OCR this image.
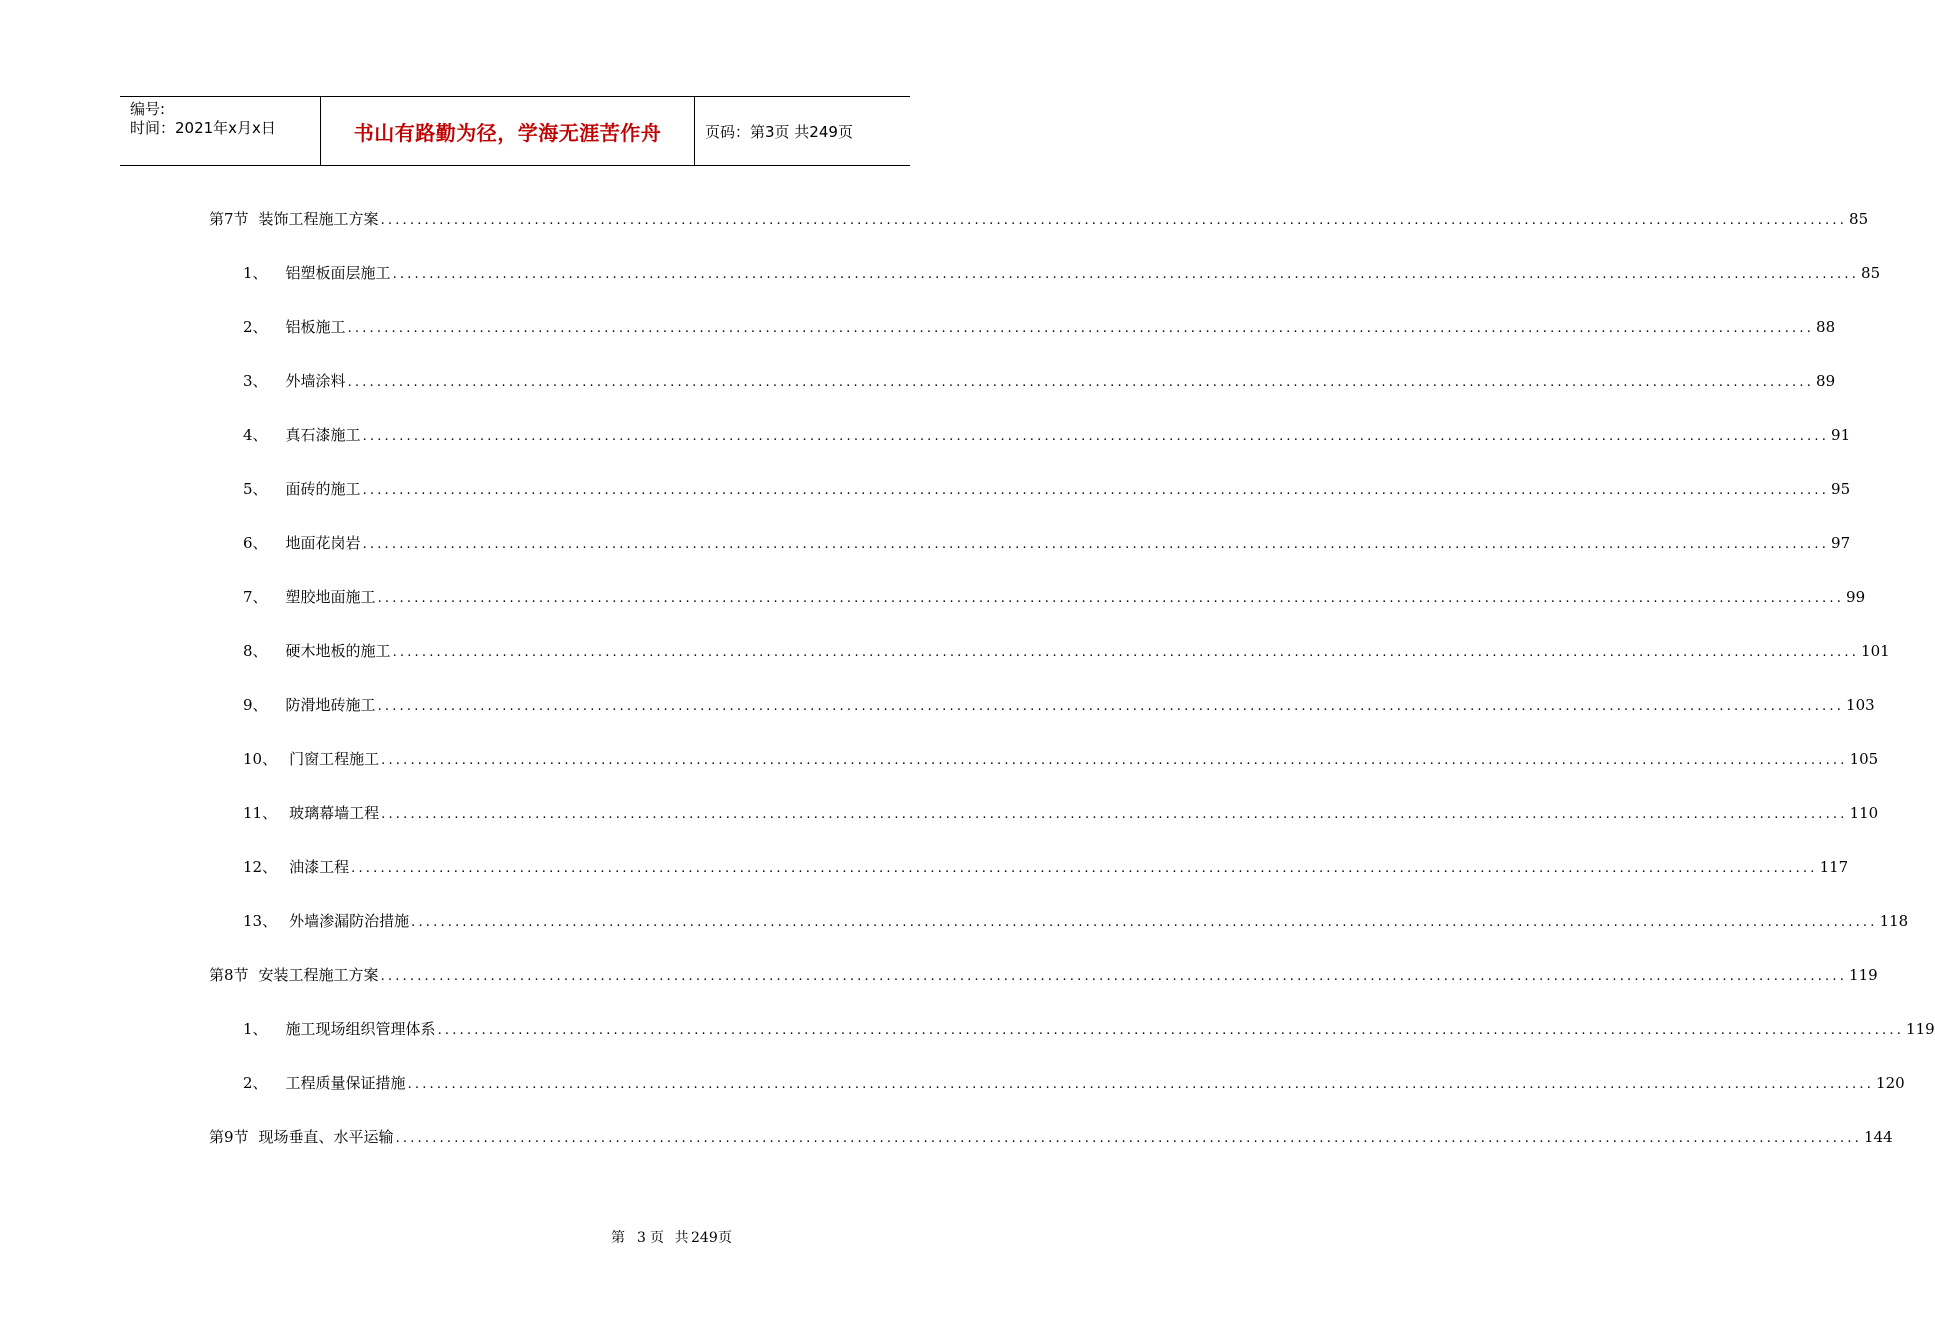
编号:
时间：2021年x月x日	书山有路勤为径，学海无涯苦作舟	页码：第3页 共249页
第7节 装饰工程施工方案 ........................................................................................................................................................................................................ 85
1、 铝塑板面层施工 ........................................................................................................................................................................................................ 85
2、 铝板施工 ........................................................................................................................................................................................................ 88
3、 外墙涂料 ........................................................................................................................................................................................................ 89
4、 真石漆施工 ........................................................................................................................................................................................................ 91
5、 面砖的施工 ........................................................................................................................................................................................................ 95
6、 地面花岗岩 ........................................................................................................................................................................................................ 97
7、 塑胶地面施工 ........................................................................................................................................................................................................ 99
8、 硬木地板的施工 ........................................................................................................................................................................................................ 101
9、 防滑地砖施工 ........................................................................................................................................................................................................ 103
10、 门窗工程施工 ........................................................................................................................................................................................................ 105
11、 玻璃幕墙工程 ........................................................................................................................................................................................................ 110
12、 油漆工程 ........................................................................................................................................................................................................ 117
13、 外墙渗漏防治措施 ........................................................................................................................................................................................................ 118
第8节 安装工程施工方案 ........................................................................................................................................................................................................ 119
1、 施工现场组织管理体系 ........................................................................................................................................................................................................ 119
2、 工程质量保证措施 ........................................................................................................................................................................................................ 120
第9节 现场垂直、水平运输 ........................................................................................................................................................................................................ 144
第 3 页 共 249 页
